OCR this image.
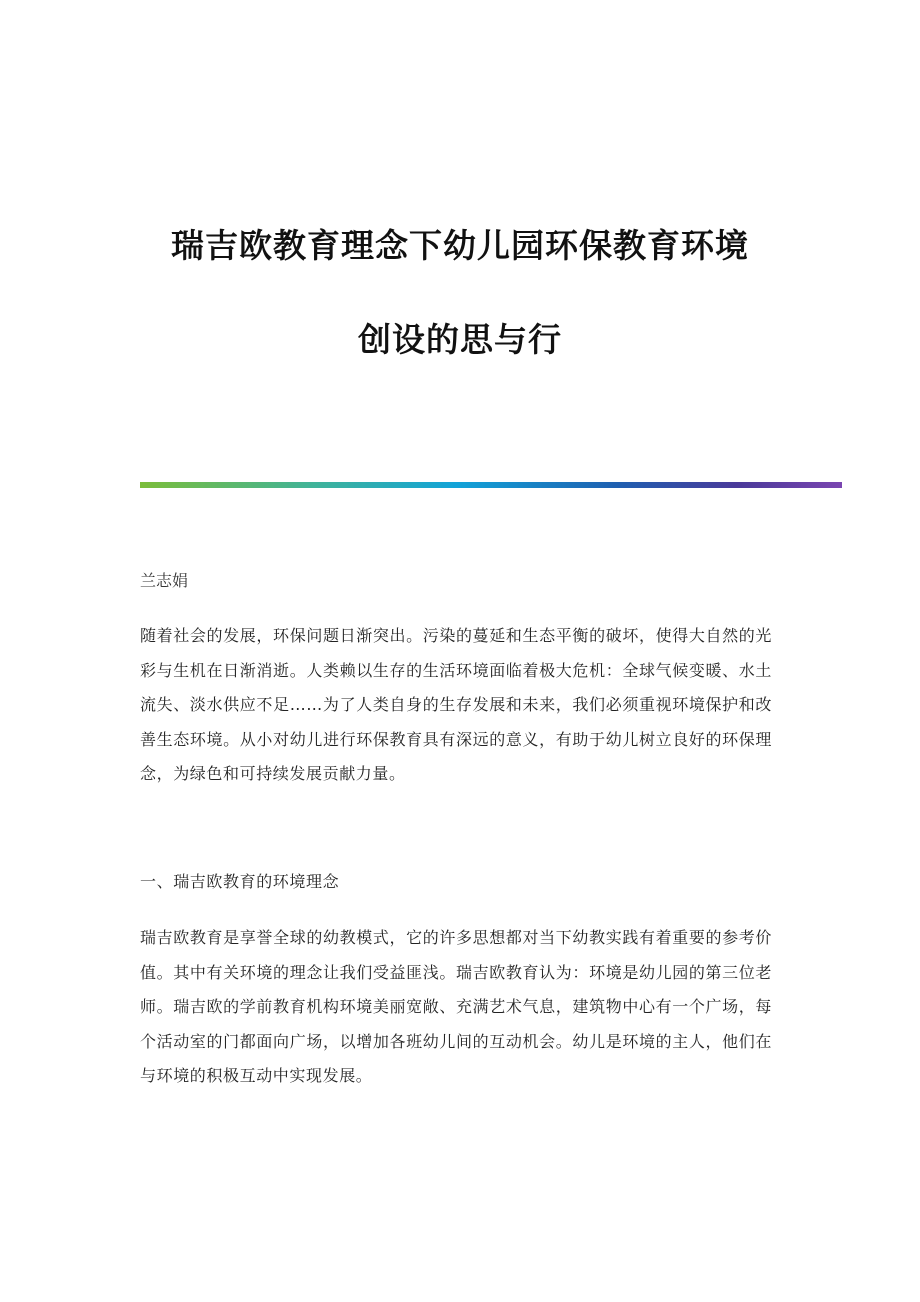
瑞吉欧教育理念下幼儿园环保教育环境
创设的思与行
兰志娟

随着社会的发展，环保问题日渐突出。污染的蔓延和生态平衡的破坏，使得大自然的光彩与生机在日渐消逝。人类赖以生存的生活环境面临着极大危机：全球气候变暖、水土流失、淡水供应不足……为了人类自身的生存发展和未来，我们必须重视环境保护和改善生态环境。从小对幼儿进行环保教育具有深远的意义，有助于幼儿树立良好的环保理念，为绿色和可持续发展贡献力量。

一、瑞吉欧教育的环境理念

瑞吉欧教育是享誉全球的幼教模式，它的许多思想都对当下幼教实践有着重要的参考价值。其中有关环境的理念让我们受益匪浅。瑞吉欧教育认为：环境是幼儿园的第三位老师。瑞吉欧的学前教育机构环境美丽宽敞、充满艺术气息，建筑物中心有一个广场，每个活动室的门都面向广场，以增加各班幼儿间的互动机会。幼儿是环境的主人，他们在与环境的积极互动中实现发展。
